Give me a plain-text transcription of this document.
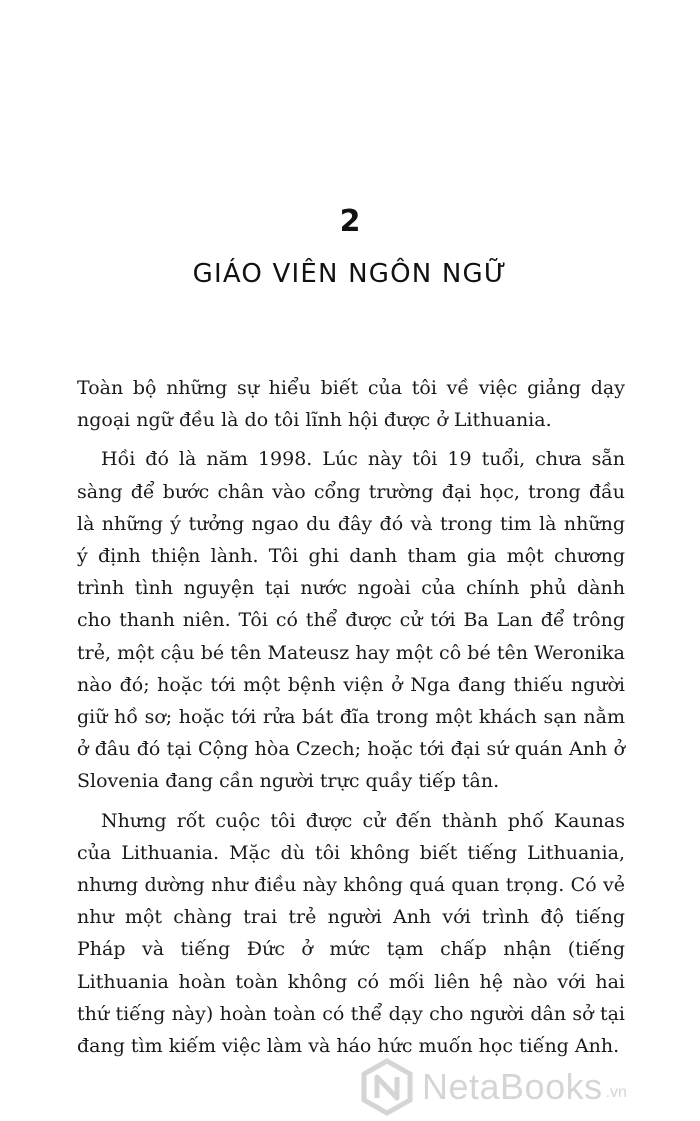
2
GIÁO VIÊN NGÔN NGỮ

Toàn bộ những sự hiểu biết của tôi về việc giảng dạy ngoại ngữ đều là do tôi lĩnh hội được ở Lithuania.

Hồi đó là năm 1998. Lúc này tôi 19 tuổi, chưa sẵn sàng để bước chân vào cổng trường đại học, trong đầu là những ý tưởng ngao du đây đó và trong tim là những ý định thiện lành. Tôi ghi danh tham gia một chương trình tình nguyện tại nước ngoài của chính phủ dành cho thanh niên. Tôi có thể được cử tới Ba Lan để trông trẻ, một cậu bé tên Mateusz hay một cô bé tên Weronika nào đó; hoặc tới một bệnh viện ở Nga đang thiếu người giữ hồ sơ; hoặc tới rửa bát đĩa trong một khách sạn nằm ở đâu đó tại Cộng hòa Czech; hoặc tới đại sứ quán Anh ở Slovenia đang cần người trực quầy tiếp tân.

Nhưng rốt cuộc tôi được cử đến thành phố Kaunas của Lithuania. Mặc dù tôi không biết tiếng Lithuania, nhưng dường như điều này không quá quan trọng. Có vẻ như một chàng trai trẻ người Anh với trình độ tiếng Pháp và tiếng Đức ở mức tạm chấp nhận (tiếng Lithuania hoàn toàn không có mối liên hệ nào với hai thứ tiếng này) hoàn toàn có thể dạy cho người dân sở tại đang tìm kiếm việc làm và háo hức muốn học tiếng Anh.

NetaBooks .vn
